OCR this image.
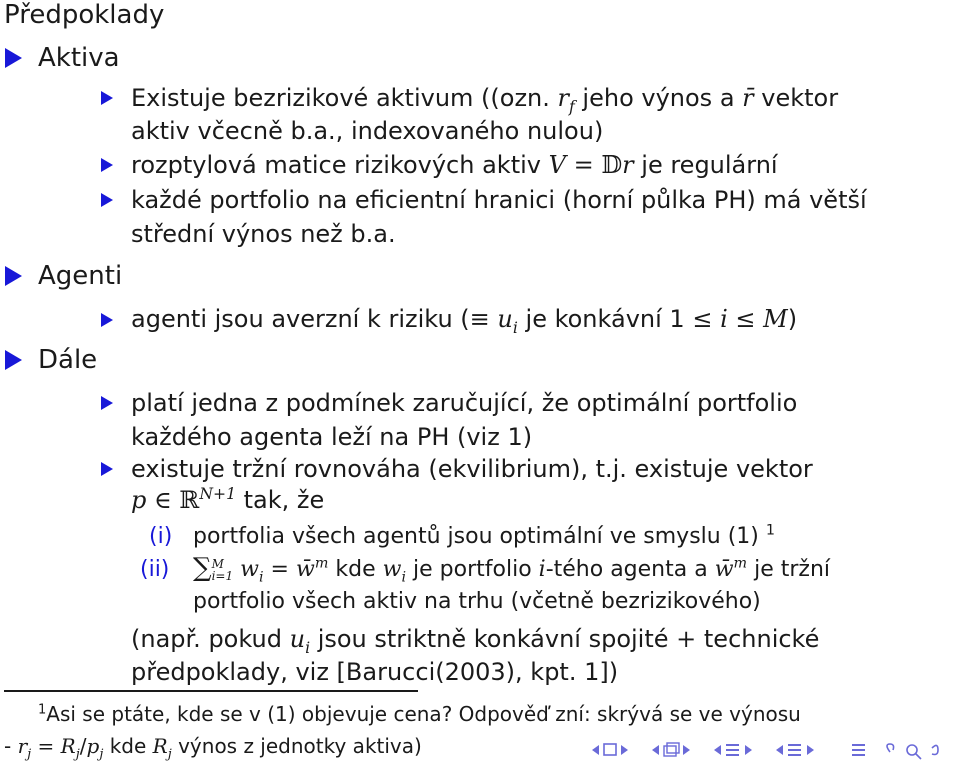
Předpoklady
Aktiva
Existuje bezrizikové aktivum ((ozn. $r_f$ jeho výnos a r̄ vektor
aktiv včecně b.a., indexovaného nulou)
rozptylová matice rizikových aktiv V = 𝔻r je regulární
každé portfolio na eficientní hranici (horní půlka PH) má větší
střední výnos než b.a.
Agenti
agenti jsou averzní k riziku (≡ $u_i$ je konkávní 1 ≤ i ≤ M)
Dále
platí jedna z podmínek zaručující, že optimální portfolio
každého agenta leží na PH (viz 1)
existuje tržní rovnováha (ekvilibrium), t.j. existuje vektor
p ∈ ℝ$^{N+1}$ tak, že
(i) portfolia všech agentů jsou optimální ve smyslu (1) $^1$
(ii) ∑ M
i=1 $w_i$ = w̄$^m$ kde $w_i$ je portfolio i-tého agenta a w̄$^m$ je tržní
portfolio všech aktiv na trhu (včetně bezrizikového)
(např. pokud $u_i$ jsou striktně konkávní spojité + technické
předpoklady, viz [Barucci(2003), kpt. 1])
$^1$Asi se ptáte, kde se v (1) objevuje cena? Odpověď zní: skrývá se ve výnosu
- $r_j = R_j/p_j$ kde $R_j$ výnos z jednotky aktiva)
